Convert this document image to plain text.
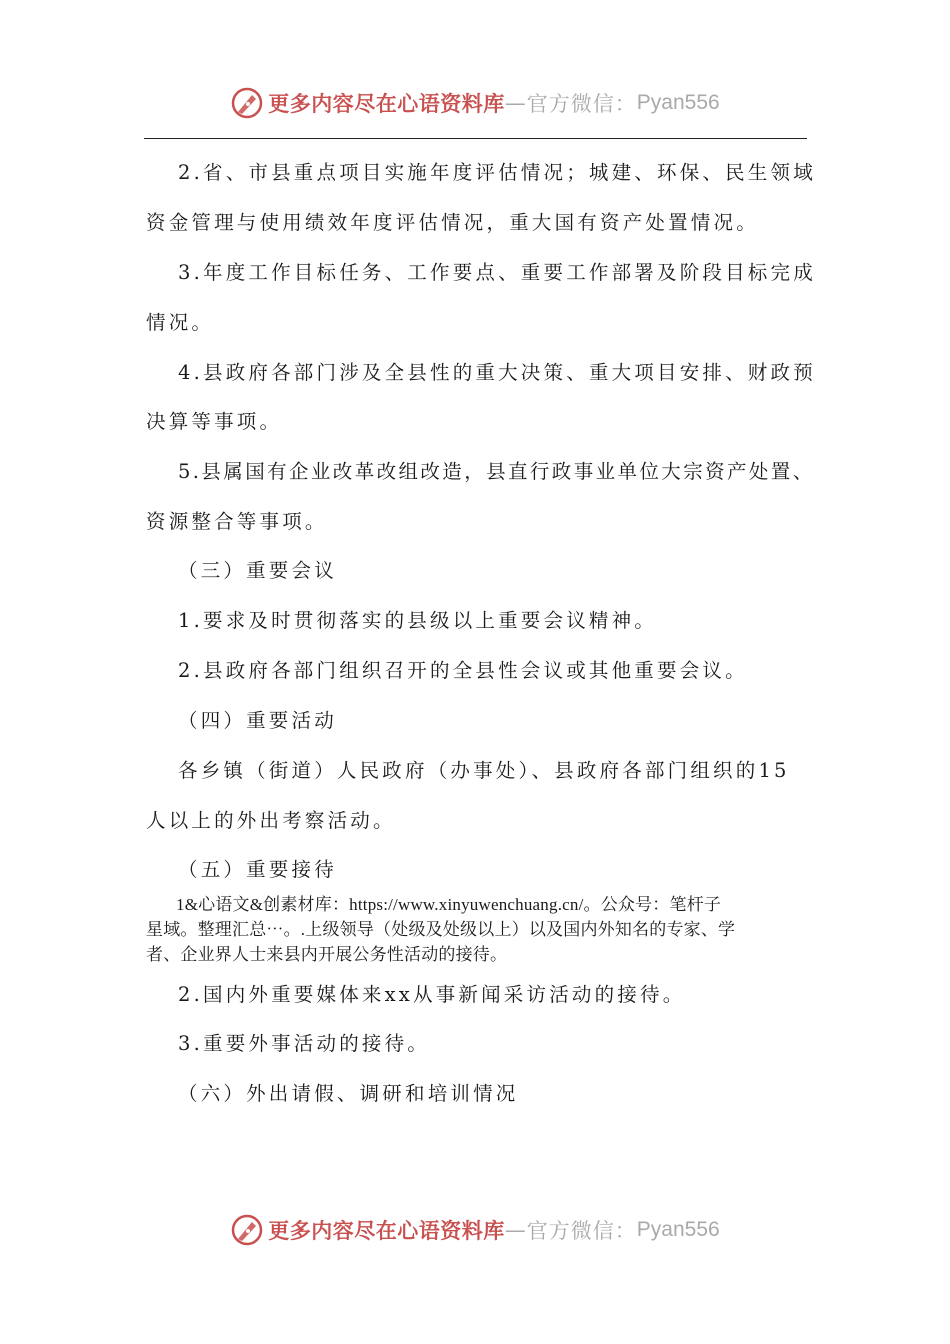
更多内容尽在心语资料库 — 官方微信： Pyan556
2.省、市县重点项目实施年度评估情况；城建、环保、民生领域
资金管理与使用绩效年度评估情况，重大国有资产处置情况。
3.年度工作目标任务、工作要点、重要工作部署及阶段目标完成
情况。
4.县政府各部门涉及全县性的重大决策、重大项目安排、财政预
决算等事项。
5.县属国有企业改革改组改造，县直行政事业单位大宗资产处置、
资源整合等事项。
（三）重要会议
1.要求及时贯彻落实的县级以上重要会议精神。
2.县政府各部门组织召开的全县性会议或其他重要会议。
（四）重要活动
各乡镇（街道）人民政府（办事处）、县政府各部门组织的15
人以上的外出考察活动。
（五）重要接待
1&心语文&创素材库：https://www.xinyuwenchuang.cn/。公众号：笔杆子
星域。整理汇总⋯。.上级领导（处级及处级以上）以及国内外知名的专家、学
者、企业界人士来县内开展公务性活动的接待。
2.国内外重要媒体来xx从事新闻采访活动的接待。
3.重要外事活动的接待。
（六）外出请假、调研和培训情况
更多内容尽在心语资料库 — 官方微信： Pyan556
